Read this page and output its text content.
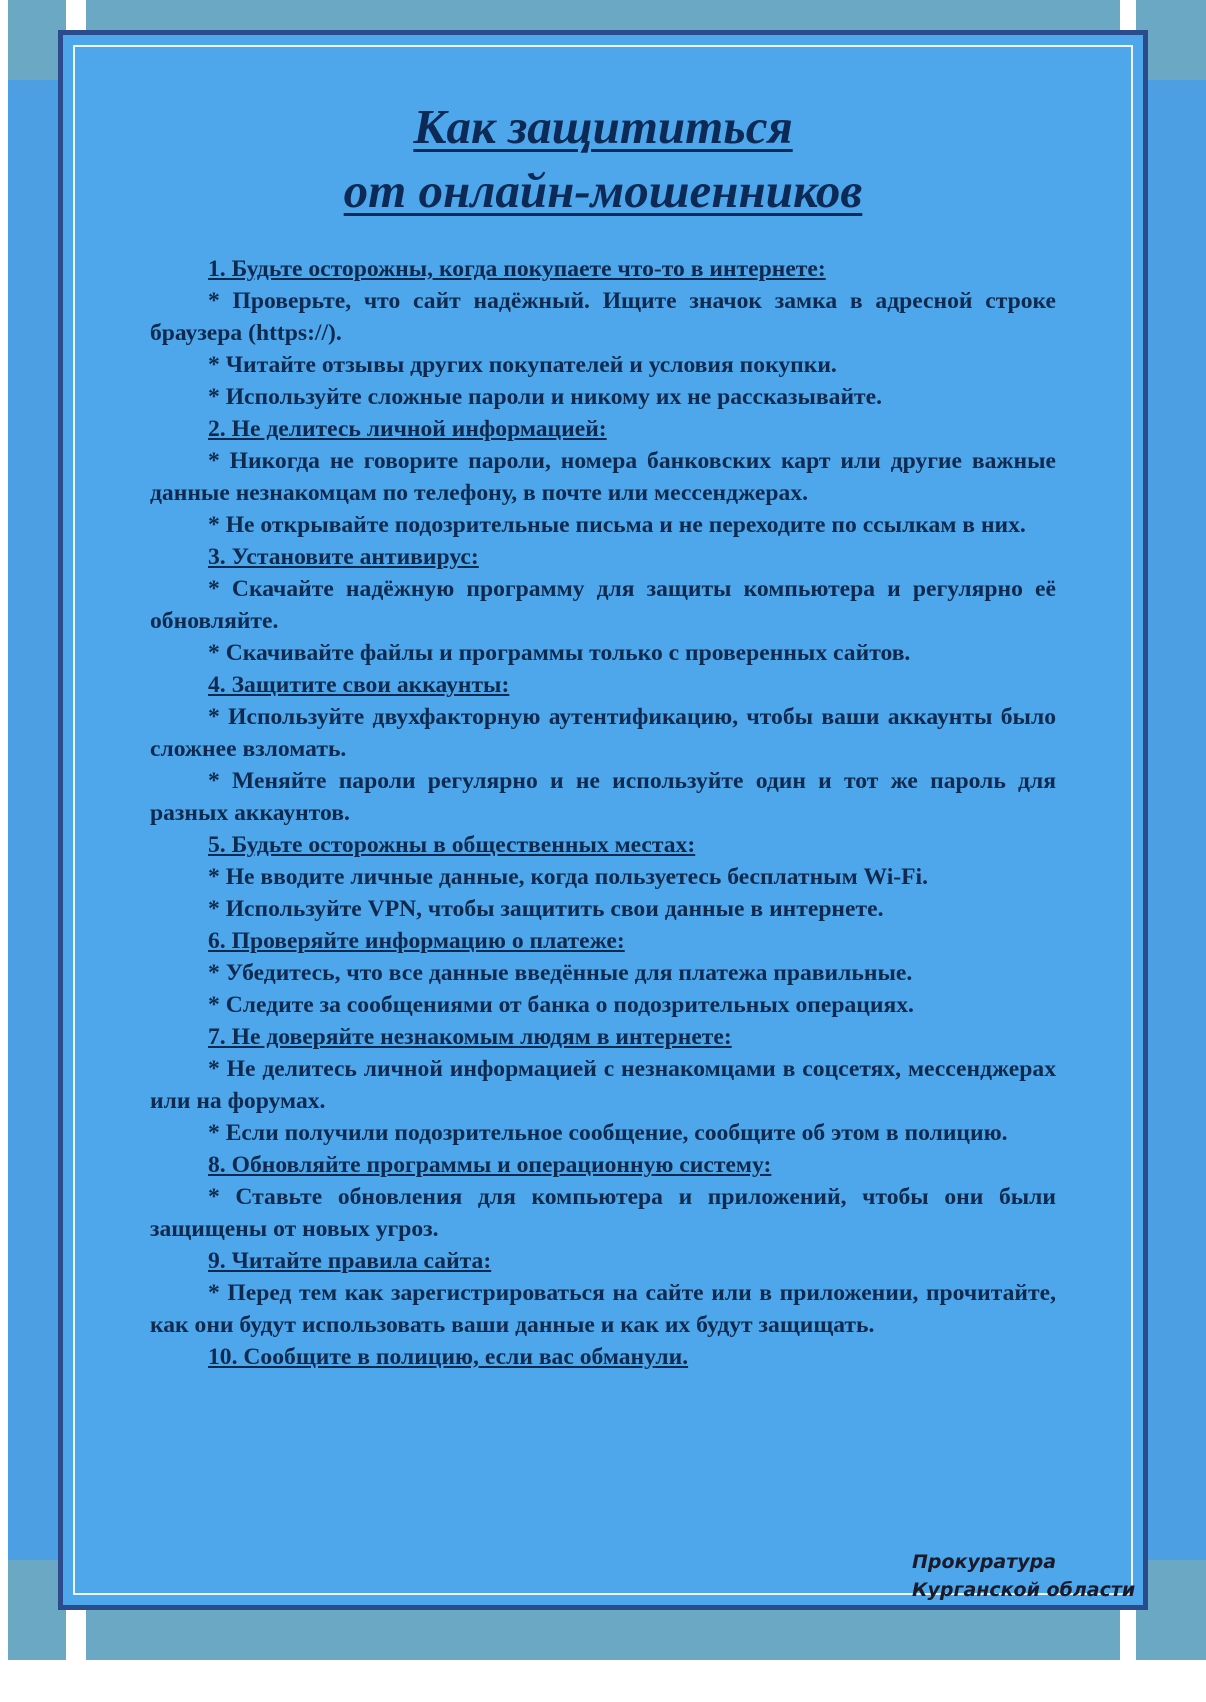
Как защититься
от онлайн-мошенников

1. Будьте осторожны, когда покупаете что-то в интернете:

* Проверьте, что сайт надёжный. Ищите значок замка в адресной строке браузера (https://).

* Читайте отзывы других покупателей и условия покупки.

* Используйте сложные пароли и никому их не рассказывайте.

2. Не делитесь личной информацией:

* Никогда не говорите пароли, номера банковских карт или другие важные данные незнакомцам по телефону, в почте или мессенджерах.

* Не открывайте подозрительные письма и не переходите по ссылкам в них.

3. Установите антивирус:

* Скачайте надёжную программу для защиты компьютера и регулярно её обновляйте.

* Скачивайте файлы и программы только с проверенных сайтов.

4. Защитите свои аккаунты:

* Используйте двухфакторную аутентификацию, чтобы ваши аккаунты было сложнее взломать.

* Меняйте пароли регулярно и не используйте один и тот же пароль для разных аккаунтов.

5. Будьте осторожны в общественных местах:

* Не вводите личные данные, когда пользуетесь бесплатным Wi-Fi.

* Используйте VPN, чтобы защитить свои данные в интернете.

6. Проверяйте информацию о платеже:

* Убедитесь, что все данные введённые для платежа правильные.

* Следите за сообщениями от банка о подозрительных операциях.

7. Не доверяйте незнакомым людям в интернете:

* Не делитесь личной информацией с незнакомцами в соцсетях, мессенджерах или на форумах.

* Если получили подозрительное сообщение, сообщите об этом в полицию.

8. Обновляйте программы и операционную систему:

* Ставьте обновления для компьютера и приложений, чтобы они были защищены от новых угроз.

9. Читайте правила сайта:

* Перед тем как зарегистрироваться на сайте или в приложении, прочитайте, как они будут использовать ваши данные и как их будут защищать.

10. Сообщите в полицию, если вас обманули.

Прокуратура
Курганской области
